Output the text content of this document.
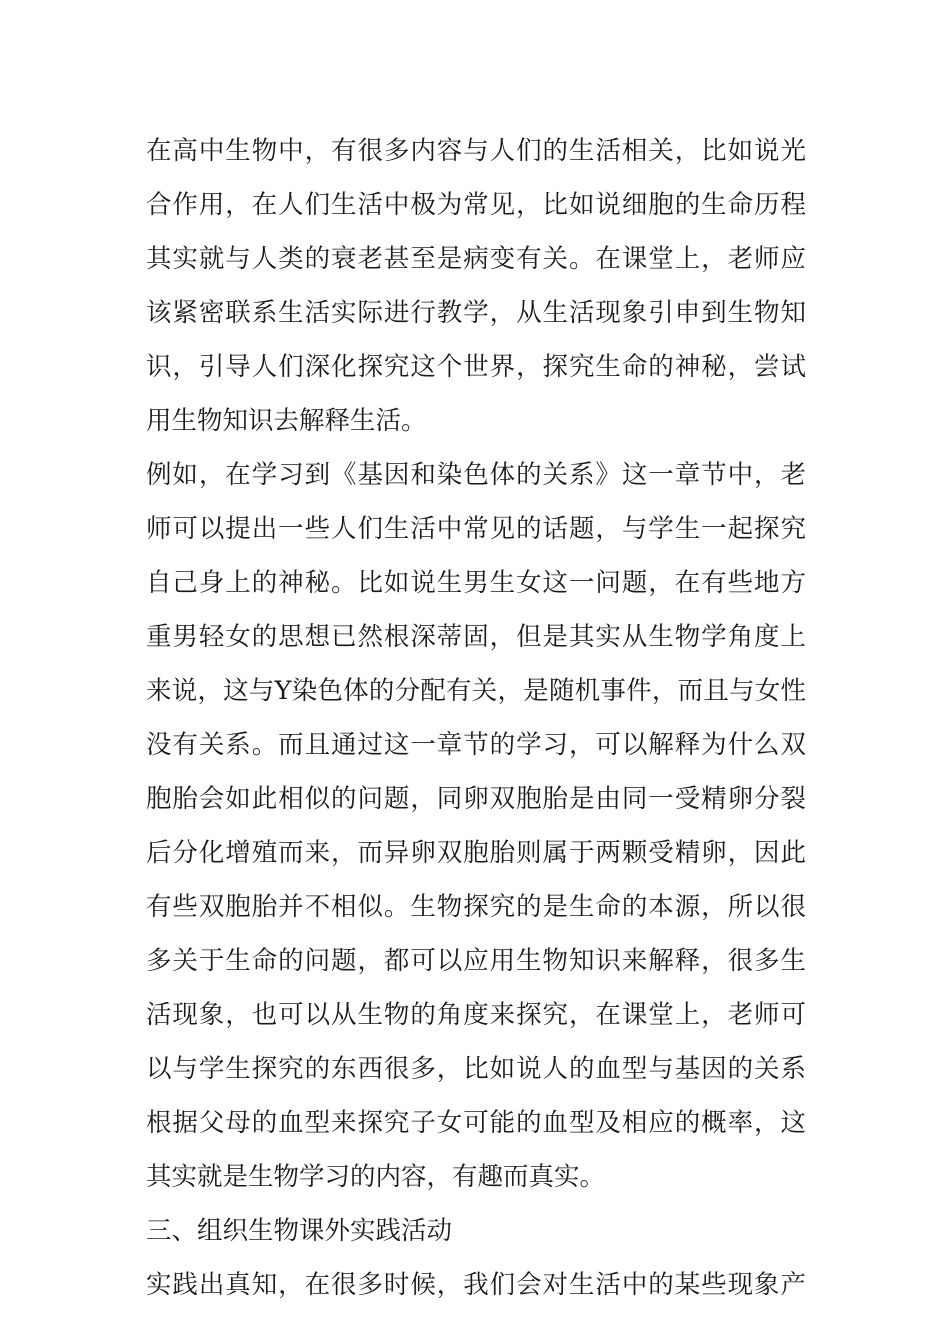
在高中生物中，有很多内容与人们的生活相关，比如说光
合作用，在人们生活中极为常见，比如说细胞的生命历程
其实就与人类的衰老甚至是病变有关。在课堂上，老师应
该紧密联系生活实际进行教学，从生活现象引申到生物知
识，引导人们深化探究这个世界，探究生命的神秘，尝试
用生物知识去解释生活。
例如，在学习到《基因和染色体的关系》这一章节中，老
师可以提出一些人们生活中常见的话题，与学生一起探究
自己身上的神秘。比如说生男生女这一问题，在有些地方
重男轻女的思想已然根深蒂固，但是其实从生物学角度上
来说，这与Y染色体的分配有关，是随机事件，而且与女性
没有关系。而且通过这一章节的学习，可以解释为什么双
胞胎会如此相似的问题，同卵双胞胎是由同一受精卵分裂
后分化增殖而来，而异卵双胞胎则属于两颗受精卵，因此
有些双胞胎并不相似。生物探究的是生命的本源，所以很
多关于生命的问题，都可以应用生物知识来解释，很多生
活现象，也可以从生物的角度来探究，在课堂上，老师可
以与学生探究的东西很多，比如说人的血型与基因的关系
根据父母的血型来探究子女可能的血型及相应的概率，这
其实就是生物学习的内容，有趣而真实。
三、组织生物课外实践活动
实践出真知，在很多时候，我们会对生活中的某些现象产
